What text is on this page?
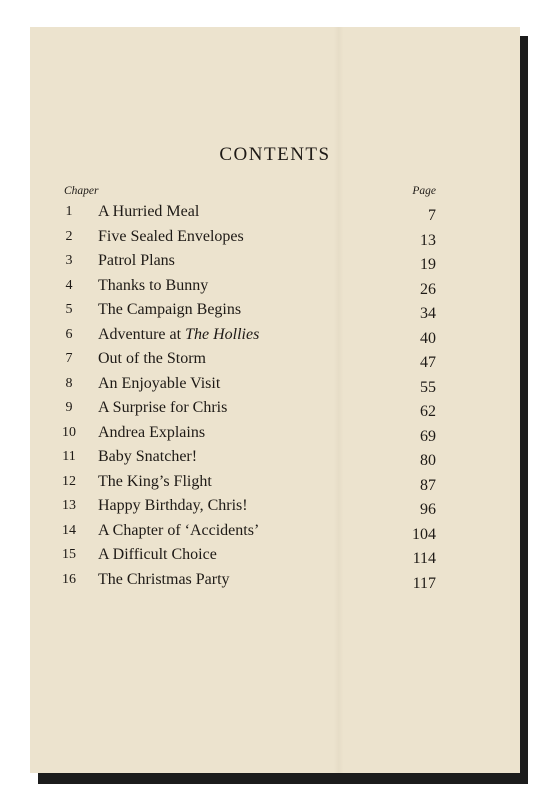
CONTENTS
Chaper	Page
1	A Hurried Meal	7
2	Five Sealed Envelopes	13
3	Patrol Plans	19
4	Thanks to Bunny	26
5	The Campaign Begins	34
6	Adventure at The Hollies	40
7	Out of the Storm	47
8	An Enjoyable Visit	55
9	A Surprise for Chris	62
10	Andrea Explains	69
11	Baby Snatcher!	80
12	The King’s Flight	87
13	Happy Birthday, Chris!	96
14	A Chapter of ‘Accidents’	104
15	A Difficult Choice	114
16	The Christmas Party	117
